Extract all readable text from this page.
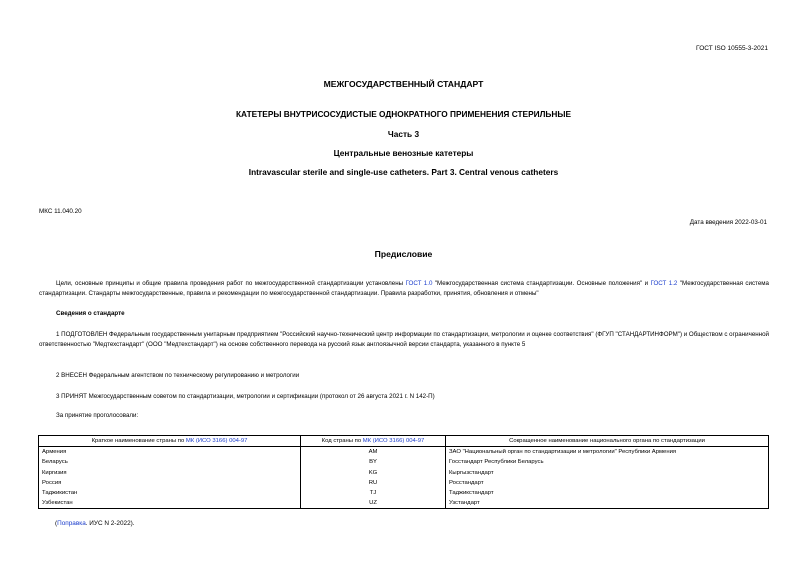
ГОСТ ISO 10555-3-2021
МЕЖГОСУДАРСТВЕННЫЙ СТАНДАРТ
КАТЕТЕРЫ ВНУТРИСОСУДИСТЫЕ ОДНОКРАТНОГО ПРИМЕНЕНИЯ СТЕРИЛЬНЫЕ
Часть 3
Центральные венозные катетеры
Intravascular sterile and single-use catheters. Part 3. Central venous catheters
МКС 11.040.20
Дата введения 2022-03-01
Предисловие
Цели, основные принципы и общие правила проведения работ по межгосударственной стандартизации установлены ГОСТ 1.0 "Межгосударственная система стандартизации. Основные положения" и ГОСТ 1.2 "Межгосударственная система стандартизации. Стандарты межгосударственные, правила и рекомендации по межгосударственной стандартизации. Правила разработки, принятия, обновления и отмены"
Сведения о стандарте
1 ПОДГОТОВЛЕН Федеральным государственным унитарным предприятием "Российский научно-технический центр информации по стандартизации, метрологии и оценке соответствия" (ФГУП "СТАНДАРТИНФОРМ") и Обществом с ограниченной ответственностью "Медтехстандарт" (ООО "Медтехстандарт") на основе собственного перевода на русский язык англоязычной версии стандарта, указанного в пункте 5
2 ВНЕСЕН Федеральным агентством по техническому регулированию и метрологии
3 ПРИНЯТ Межгосударственным советом по стандартизации, метрологии и сертификации (протокол от 26 августа 2021 г. N 142-П)
За принятие проголосовали:
Краткое наименование страны по МК (ИСО 3166) 004-97	Код страны по МК (ИСО 3166) 004-97	Сокращенное наименование национального органа по стандартизации
Армения	AM	ЗАО "Национальный орган по стандартизации и метрологии" Республики Армения
Беларусь	BY	Госстандарт Республики Беларусь
Киргизия	KG	Кыргызстандарт
Россия	RU	Росстандарт
Таджикистан	TJ	Таджикстандарт
Узбекистан	UZ	Узстандарт
(Поправка. ИУС N 2-2022).
